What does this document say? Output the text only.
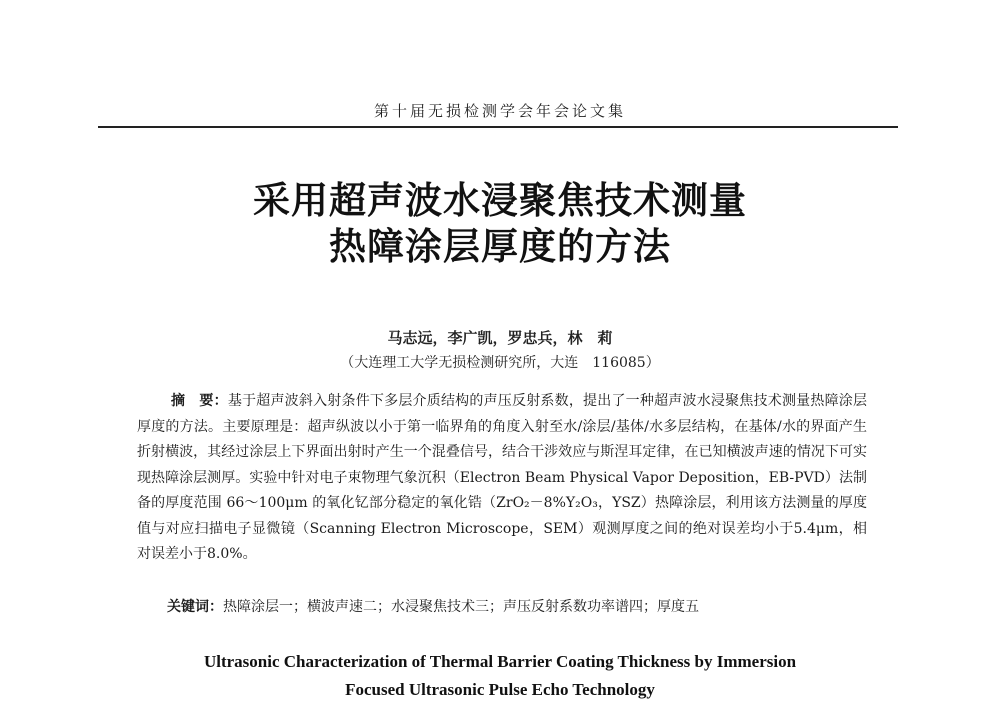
第十届无损检测学会年会论文集
采用超声波水浸聚焦技术测量
热障涂层厚度的方法
马志远，李广凯，罗忠兵，林　莉
（大连理工大学无损检测研究所，大连　116085）
摘　要：基于超声波斜入射条件下多层介质结构的声压反射系数，提出了一种超声波水浸聚焦技术测量热障涂层厚度的方法。主要原理是：超声纵波以小于第一临界角的角度入射至水/涂层/基体/水多层结构，在基体/水的界面产生折射横波，其经过涂层上下界面出射时产生一个混叠信号，结合干涉效应与斯涅耳定律，在已知横波声速的情况下可实现热障涂层测厚。实验中针对电子束物理气象沉积（Electron Beam Physical Vapor Deposition，EB-PVD）法制备的厚度范围 66～100μm 的氧化钇部分稳定的氧化锆（ZrO₂－8%Y₂O₃，YSZ）热障涂层，利用该方法测量的厚度值与对应扫描电子显微镜（Scanning Electron Microscope，SEM）观测厚度之间的绝对误差均小于5.4μm，相对误差小于8.0%。
关键词：热障涂层一；横波声速二；水浸聚焦技术三；声压反射系数功率谱四；厚度五
Ultrasonic Characterization of Thermal Barrier Coating Thickness by Immersion
Focused Ultrasonic Pulse Echo Technology
